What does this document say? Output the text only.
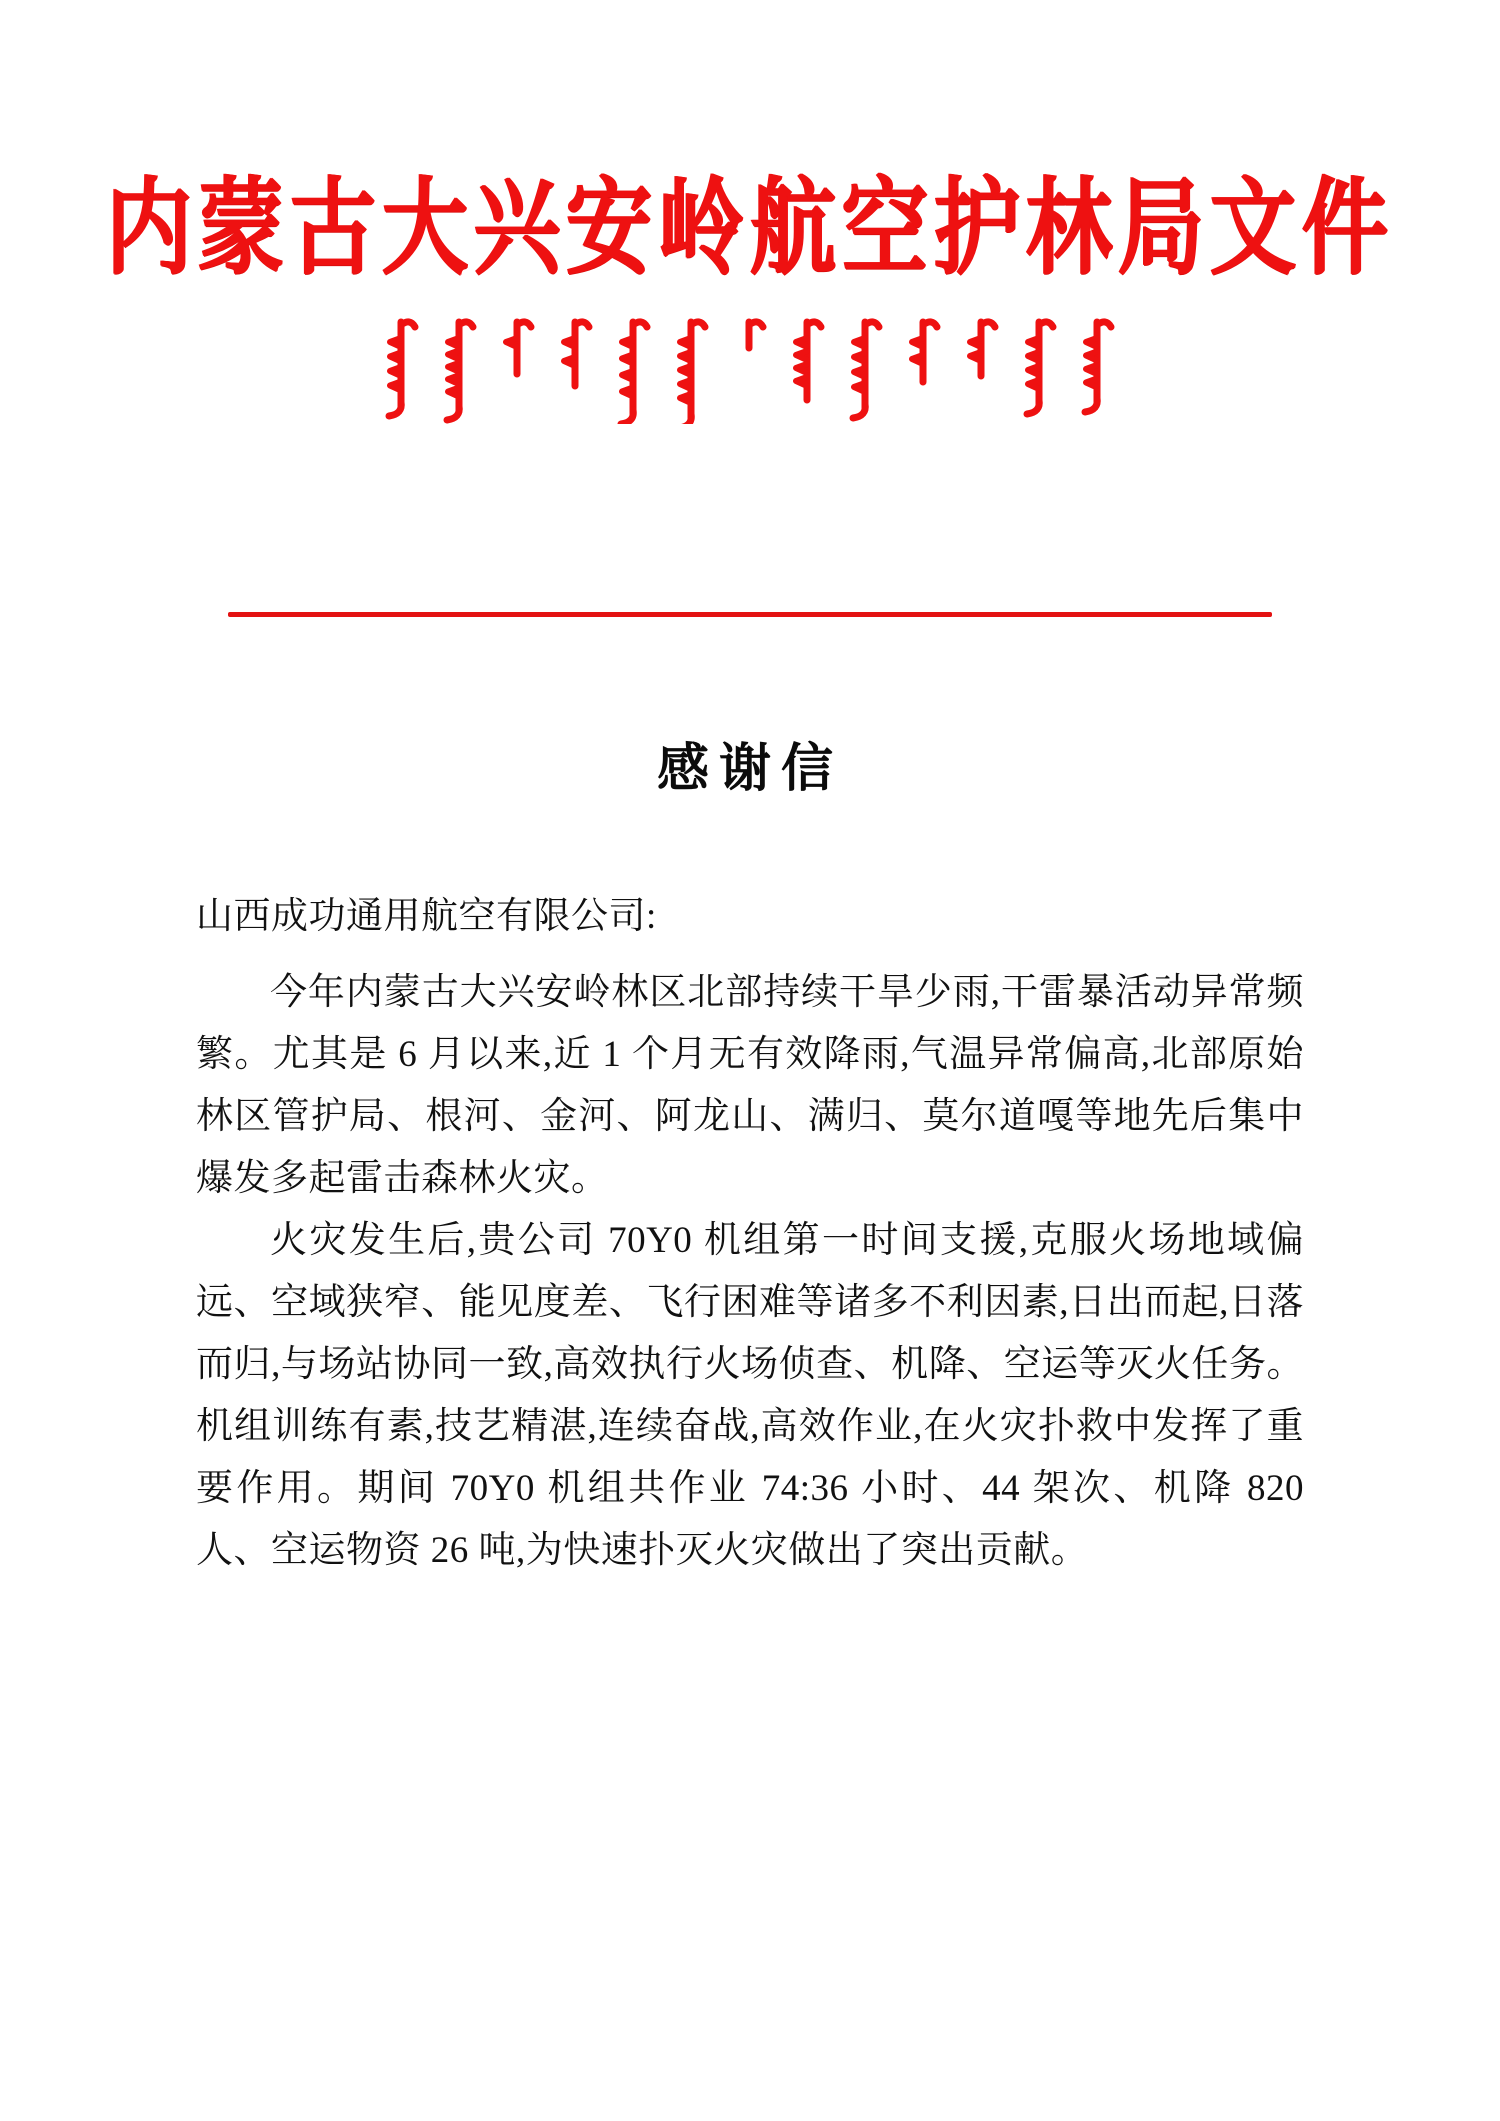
内蒙古大兴安岭航空护林局文件
感谢信

山西成功通用航空有限公司:

今年内蒙古大兴安岭林区北部持续干旱少雨,干雷暴活动异常频繁。尤其是 6 月以来,近 1 个月无有效降雨,气温异常偏高,北部原始林区管护局、根河、金河、阿龙山、满归、莫尔道嘎等地先后集中爆发多起雷击森林火灾。

火灾发生后,贵公司 70Y0 机组第一时间支援,克服火场地域偏远、空域狭窄、能见度差、飞行困难等诸多不利因素,日出而起,日落而归,与场站协同一致,高效执行火场侦查、机降、空运等灭火任务。机组训练有素,技艺精湛,连续奋战,高效作业,在火灾扑救中发挥了重要作用。期间 70Y0 机组共作业 74:36 小时、44 架次、机降 820 人、空运物资 26 吨,为快速扑灭火灾做出了突出贡献。
